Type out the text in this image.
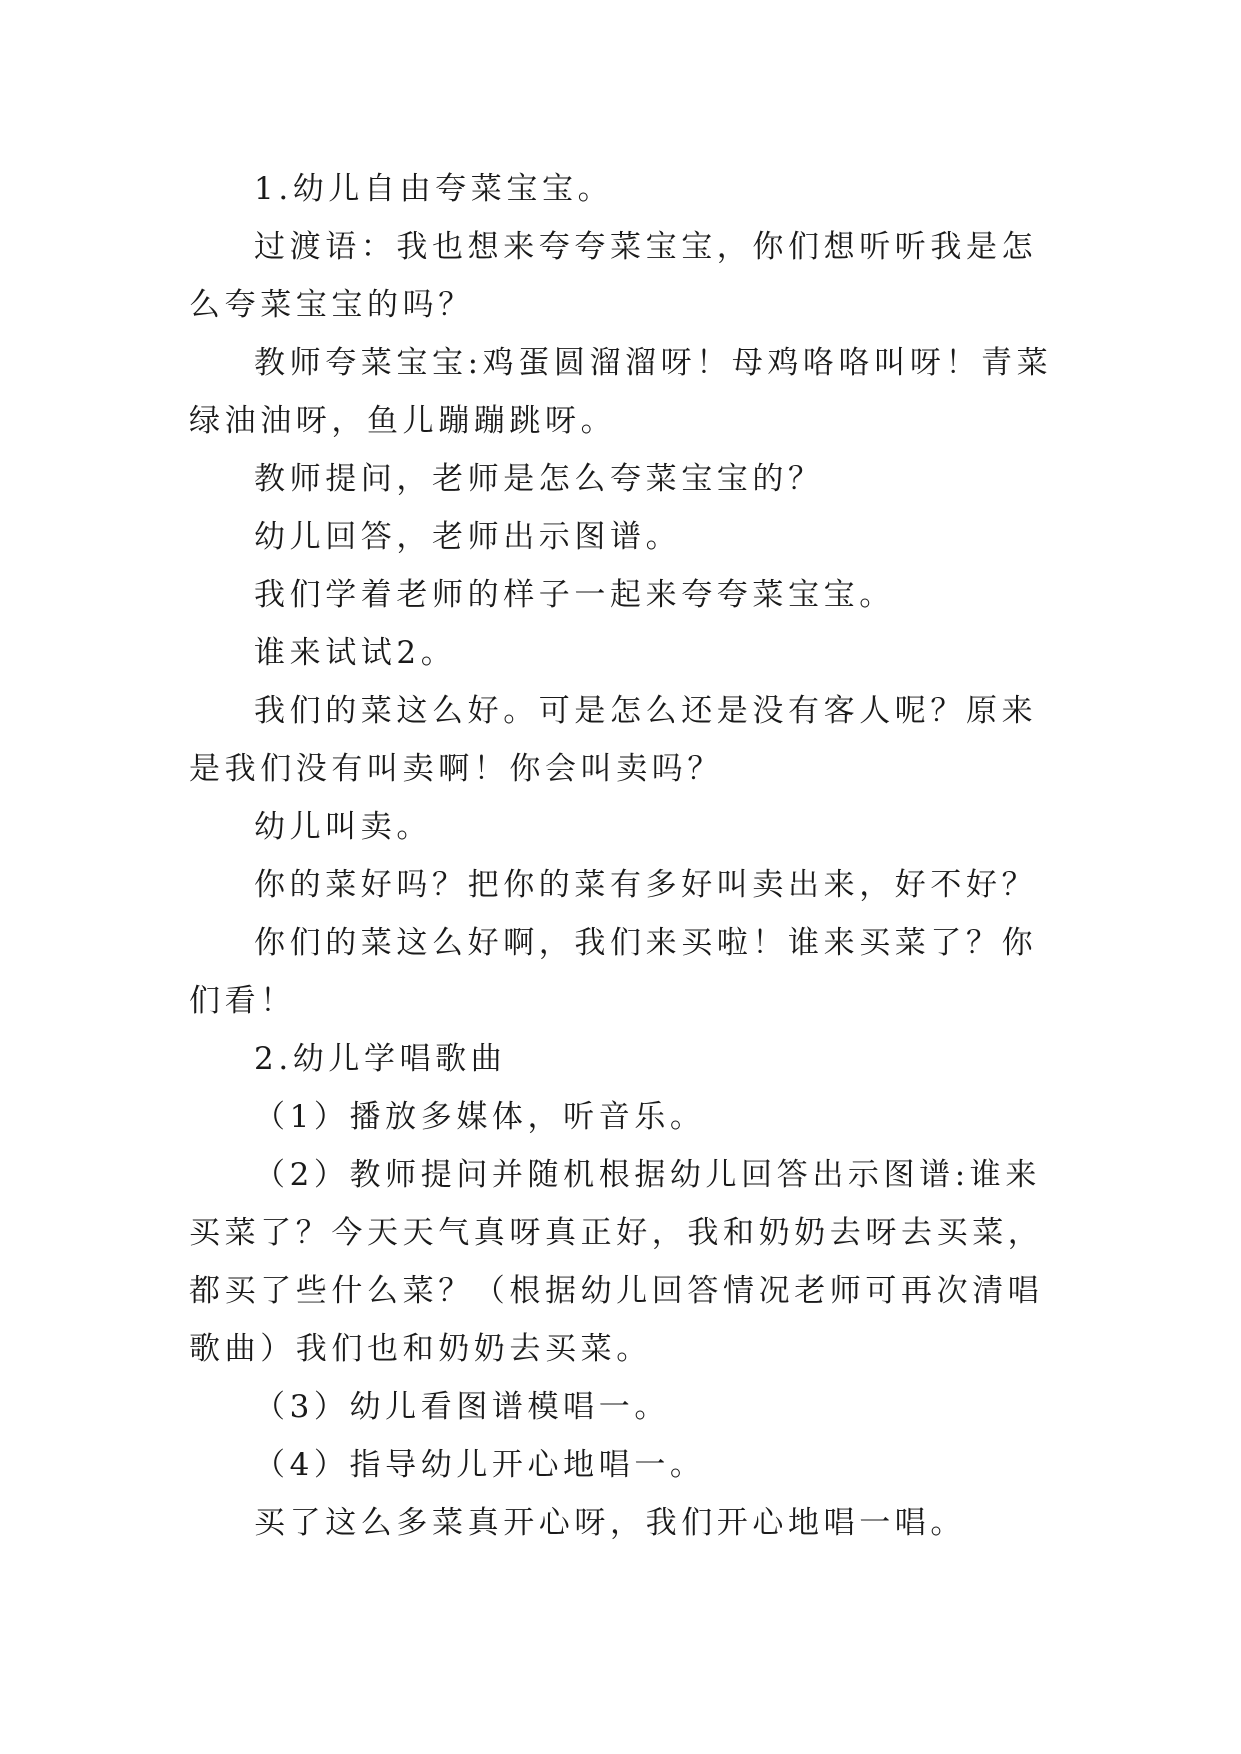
1.幼儿自由夸菜宝宝。

过渡语：我也想来夸夸菜宝宝，你们想听听我是怎么夸菜宝宝的吗？

教师夸菜宝宝:鸡蛋圆溜溜呀！母鸡咯咯叫呀！青菜绿油油呀，鱼儿蹦蹦跳呀。

教师提问，老师是怎么夸菜宝宝的？

幼儿回答，老师出示图谱。

我们学着老师的样子一起来夸夸菜宝宝。

谁来试试2。

我们的菜这么好。可是怎么还是没有客人呢？原来是我们没有叫卖啊！你会叫卖吗？

幼儿叫卖。

你的菜好吗？把你的菜有多好叫卖出来，好不好？

你们的菜这么好啊，我们来买啦！谁来买菜了？你们看！

2.幼儿学唱歌曲

（1）播放多媒体，听音乐。

（2）教师提问并随机根据幼儿回答出示图谱:谁来买菜了？今天天气真呀真正好，我和奶奶去呀去买菜，都买了些什么菜？（根据幼儿回答情况老师可再次清唱歌曲）我们也和奶奶去买菜。

（3）幼儿看图谱模唱一。

（4）指导幼儿开心地唱一。

买了这么多菜真开心呀，我们开心地唱一唱。
